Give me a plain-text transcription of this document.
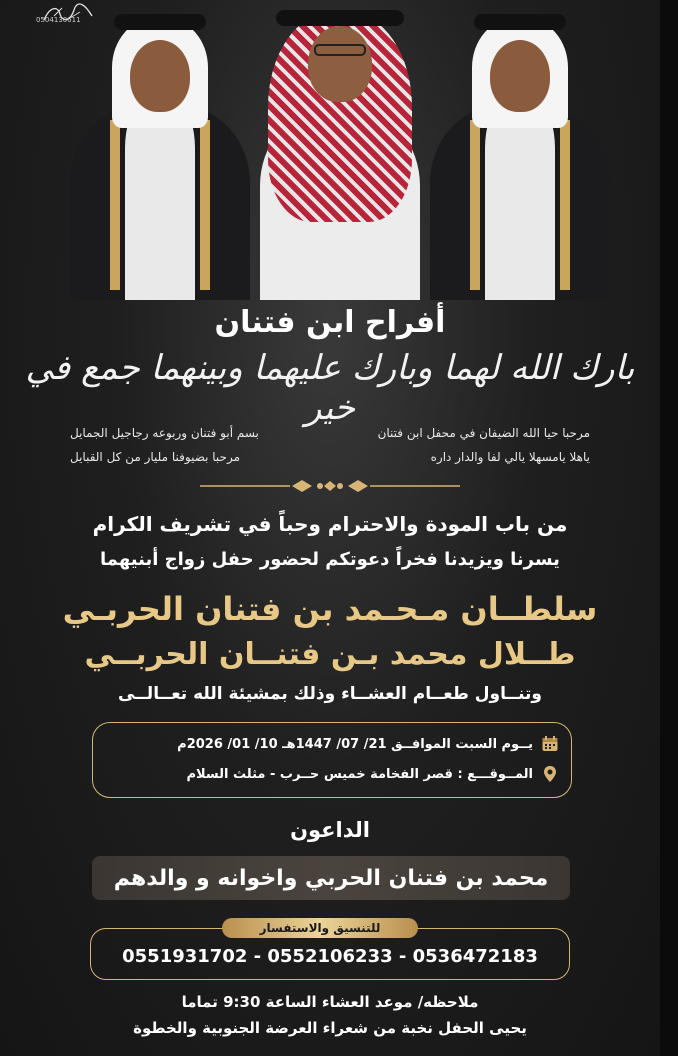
0504130611
أفراح ابن فتنان
بارك الله لهما وبارك عليهما وبينهما جمع في خير
مرحبا حيا الله الضيفان في محفل ابن فتنان
بسم أبو فتنان وربوعه رجاجيل الجمايل
ياهلا يامسهلا يالي لفا والدار داره
مرحبا بضيوفنا مليار من كل القبايل
من باب المودة والاحترام وحباً في تشريف الكرام
يسرنا ويزيدنا فخراً دعوتكم لحضور حفل زواج أبنيهما
سلطــان مـحـمد بن فتنان الحربـي
طــلال محمد بـن فتنــان الحربــي
وتنــاول طعــام العشــاء وذلك بمشيئة الله تعــالــى
يــوم السبت الموافــق 21/ 07/ 1447هـ 10/ 01/ 2026م
المــوقـــع : قصر الفخامة خميس حــرب - مثلث السلام
الداعون
محمد بن فتنان الحربي واخوانه و والدهم
للتنسيق والاستفسار
0551931702 - 0552106233 - 0536472183
ملاحظه/ موعد العشاء الساعة 9:30 تماما
يحيى الحفل نخبة من شعراء العرضة الجنوبية والخطوة
